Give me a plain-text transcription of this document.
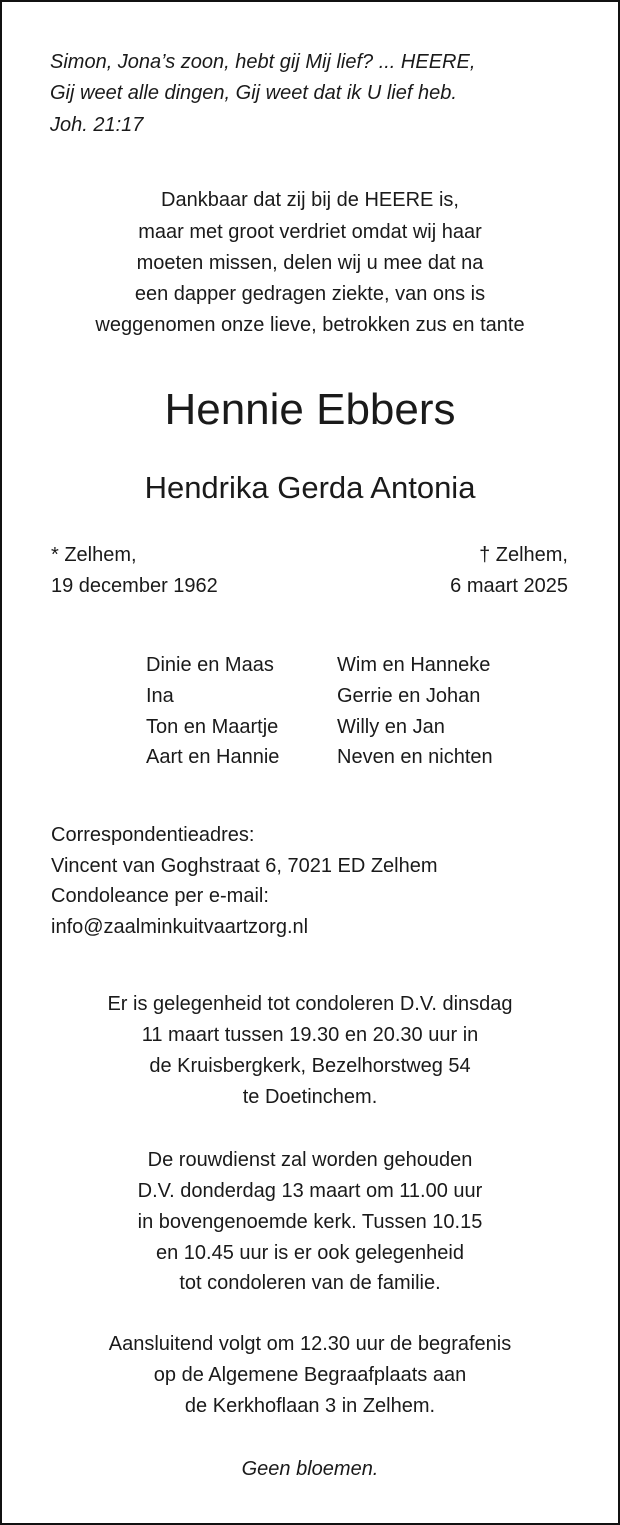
Simon, Jona’s zoon, hebt gij Mij lief? ... HEERE,
Gij weet alle dingen, Gij weet dat ik U lief heb.
Joh. 21:17
Dankbaar dat zij bij de HEERE is,
maar met groot verdriet omdat wij haar
moeten missen, delen wij u mee dat na
een dapper gedragen ziekte, van ons is
weggenomen onze lieve, betrokken zus en tante
Hennie Ebbers
Hendrika Gerda Antonia
* Zelhem,
19 december 1962
† Zelhem,
6 maart 2025
Dinie en Maas
Ina
Ton en Maartje
Aart en Hannie
Wim en Hanneke
Gerrie en Johan
Willy en Jan
Neven en nichten
Correspondentieadres:
Vincent van Goghstraat 6, 7021 ED Zelhem
Condoleance per e-mail:
info@zaalminkuitvaartzorg.nl
Er is gelegenheid tot condoleren D.V. dinsdag
11 maart tussen 19.30 en 20.30 uur in
de Kruisbergkerk, Bezelhorstweg 54
te Doetinchem.
De rouwdienst zal worden gehouden
D.V. donderdag 13 maart om 11.00 uur
in bovengenoemde kerk. Tussen 10.15
en 10.45 uur is er ook gelegenheid
tot condoleren van de familie.
Aansluitend volgt om 12.30 uur de begrafenis
op de Algemene Begraafplaats aan
de Kerkhoflaan 3 in Zelhem.
Geen bloemen.
